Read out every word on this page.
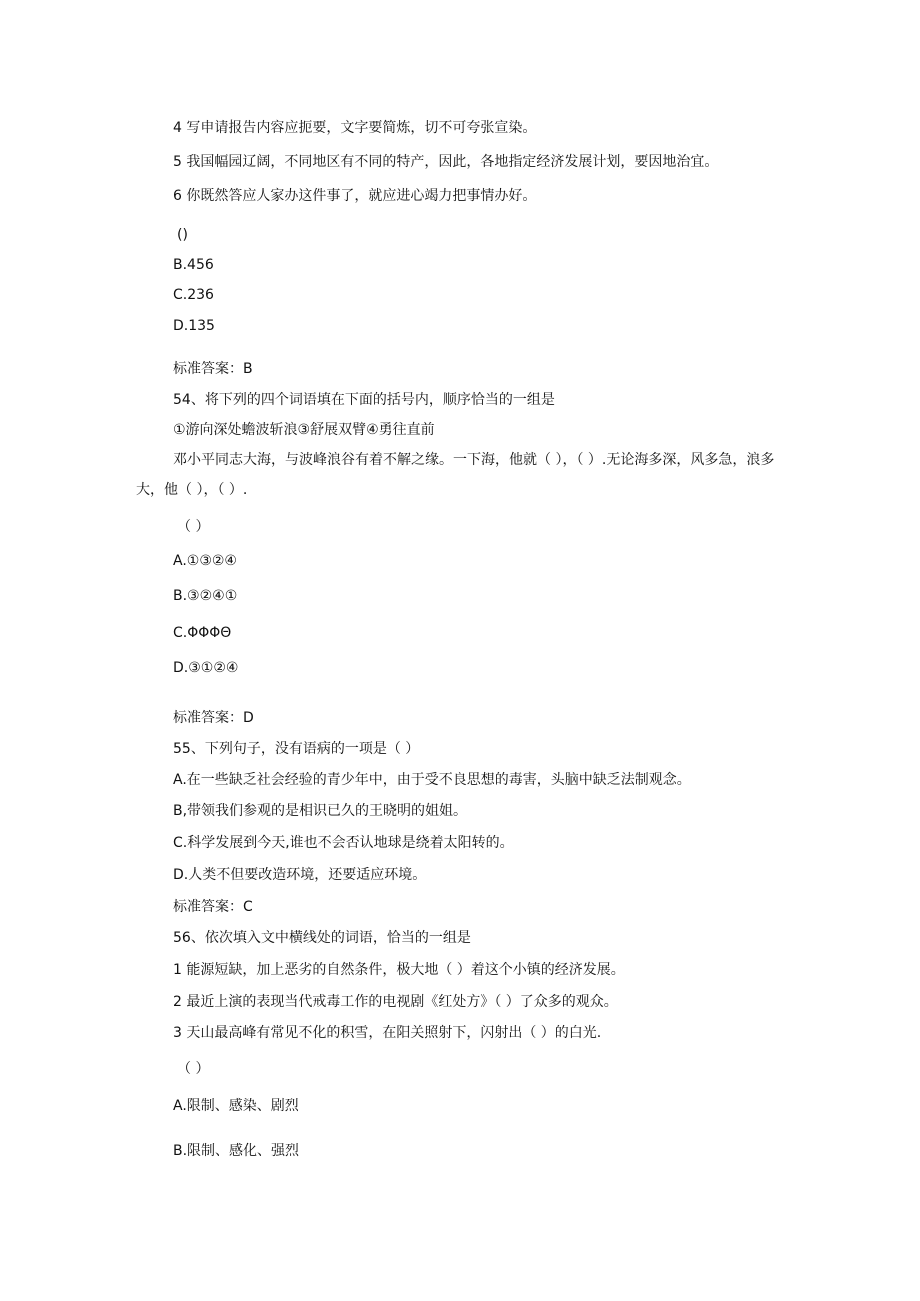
4 写申请报告内容应扼要，文字要简炼，切不可夸张宣染。

5 我国幅园辽阔，不同地区有不同的特产，因此，各地指定经济发展计划，要因地治宜。

6 你既然答应人家办这件事了，就应进心竭力把事情办好。

()

B.456

C.236

D.135

标准答案：B

54、将下列的四个词语填在下面的括号内，顺序恰当的一组是

①游向深处蟾波斩浪③舒展双臂④勇往直前

邓小平同志大海，与波峰浪谷有着不解之缘。一下海，他就（ ），（ ）.无论海多深，风多急，浪多

大，他（ ），（ ）.

（ ）

A.①③②④

B.③②④①

C.ΦΦΦΘ

D.③①②④

标准答案：D

55、下列句子，没有语病的一项是（ ）

A.在一些缺乏社会经验的青少年中，由于受不良思想的毒害，头脑中缺乏法制观念。

B,带领我们参观的是相识已久的王晓明的姐姐。

C.科学发展到今天,谁也不会否认地球是绕着太阳转的。

D.人类不但要改造环境，还要适应环境。

标准答案：C

56、依次填入文中横线处的词语，恰当的一组是

1 能源短缺，加上恶劣的自然条件，极大地（ ）着这个小镇的经济发展。

2 最近上演的表现当代戒毒工作的电视剧《红处方》（ ）了众多的观众。

3 天山最高峰有常见不化的积雪，在阳关照射下，闪射出（ ）的白光.

（ ）

A.限制、感染、剧烈

B.限制、感化、强烈
